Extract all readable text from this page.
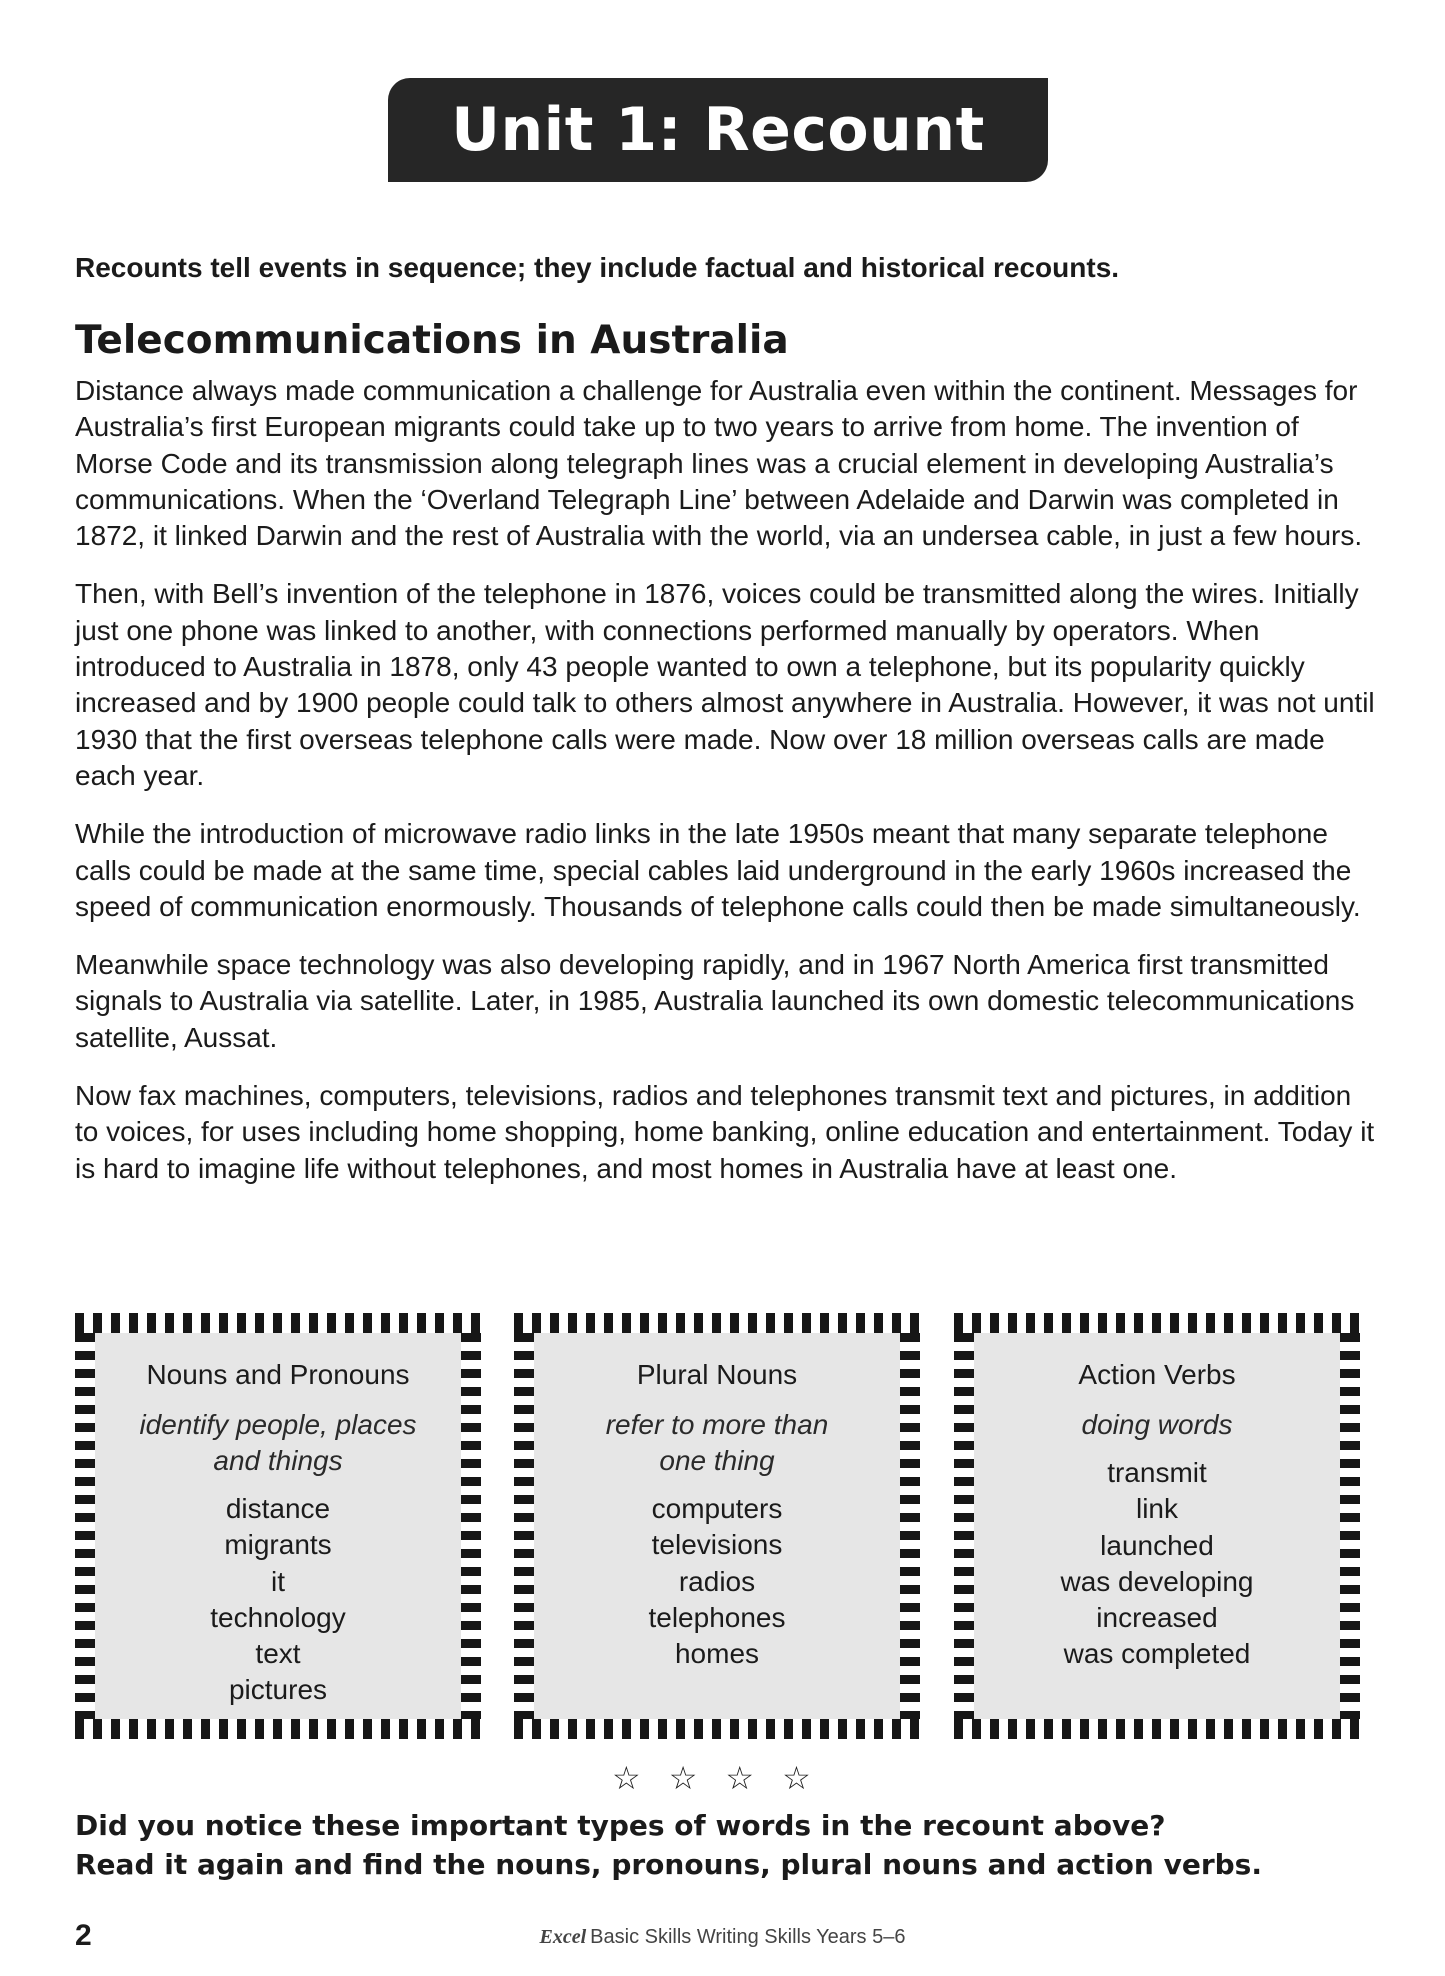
Unit 1: Recount
Recounts tell events in sequence; they include factual and historical recounts.
Telecommunications in Australia

Distance always made communication a challenge for Australia even within the continent. Messages for Australia’s first European migrants could take up to two years to arrive from home. The invention of Morse Code and its transmission along telegraph lines was a crucial element in developing Australia’s communications. When the ‘Overland Telegraph Line’ between Adelaide and Darwin was completed in 1872, it linked Darwin and the rest of Australia with the world, via an undersea cable, in just a few hours.

Then, with Bell’s invention of the telephone in 1876, voices could be transmitted along the wires. Initially just one phone was linked to another, with connections performed manually by operators. When introduced to Australia in 1878, only 43 people wanted to own a telephone, but its popularity quickly increased and by 1900 people could talk to others almost anywhere in Australia. However, it was not until 1930 that the first overseas telephone calls were made. Now over 18 million overseas calls are made each year.

While the introduction of microwave radio links in the late 1950s meant that many separate telephone calls could be made at the same time, special cables laid underground in the early 1960s increased the speed of communication enormously. Thousands of telephone calls could then be made simultaneously.

Meanwhile space technology was also developing rapidly, and in 1967 North America first transmitted signals to Australia via satellite. Later, in 1985, Australia launched its own domestic telecommunications satellite, Aussat.

Now fax machines, computers, televisions, radios and telephones transmit text and pictures, in addition to voices, for uses including home shopping, home banking, online education and entertainment. Today it is hard to imagine life without telephones, and most homes in Australia have at least one.

Nouns and Pronouns
identify people, places and things
distance
migrants
it
technology
text
pictures
Plural Nouns
refer to more than one thing
computers
televisions
radios
telephones
homes
Action Verbs
doing words
transmit
link
launched
was developing
increased
was completed
☆ ☆ ☆ ☆
Did you notice these important types of words in the recount above?
Read it again and find the nouns, pronouns, plural nouns and action verbs.
2	Excel Basic Skills Writing Skills Years 5–6
